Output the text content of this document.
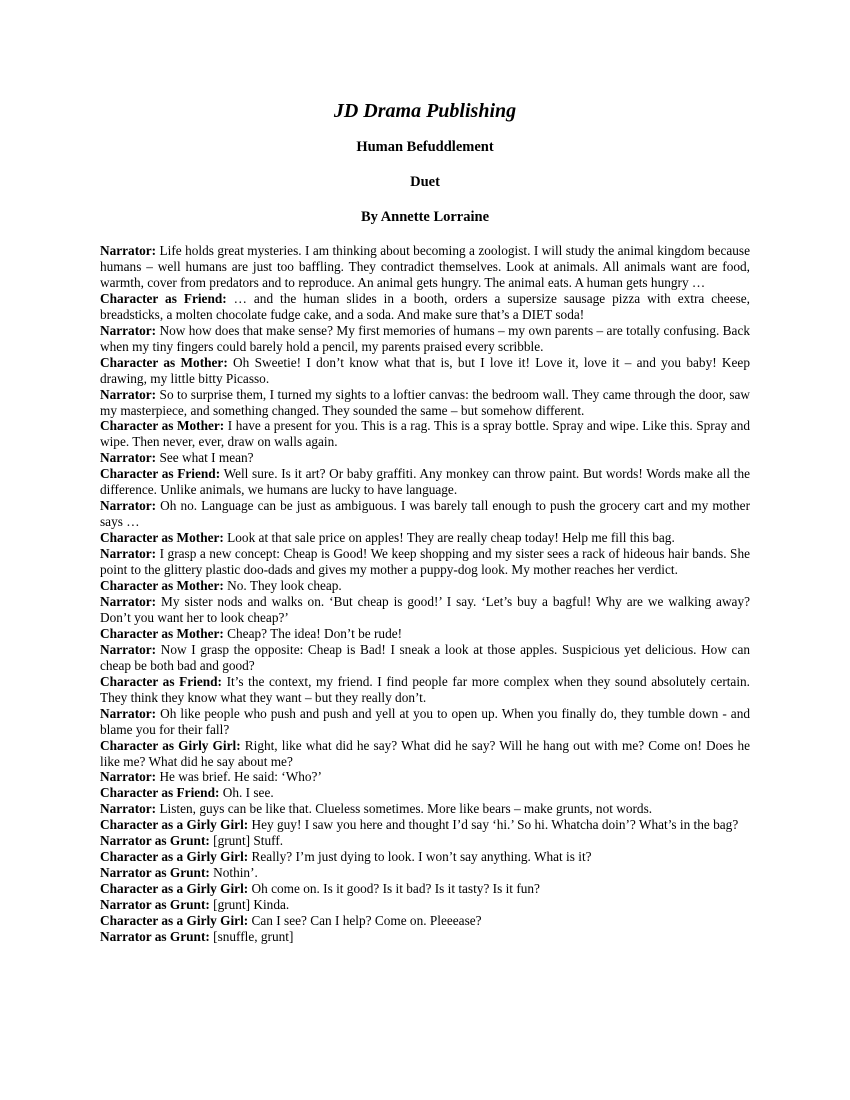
JD Drama Publishing
Human Befuddlement
Duet
By Annette Lorraine

Narrator: Life holds great mysteries. I am thinking about becoming a zoologist. I will study the animal kingdom because humans – well humans are just too baffling. They contradict themselves. Look at animals. All animals want are food, warmth, cover from predators and to reproduce. An animal gets hungry. The animal eats. A human gets hungry …

Character as Friend: … and the human slides in a booth, orders a supersize sausage pizza with extra cheese, breadsticks, a molten chocolate fudge cake, and a soda. And make sure that’s a DIET soda!

Narrator: Now how does that make sense? My first memories of humans – my own parents – are totally confusing. Back when my tiny fingers could barely hold a pencil, my parents praised every scribble.

Character as Mother: Oh Sweetie! I don’t know what that is, but I love it! Love it, love it – and you baby! Keep drawing, my little bitty Picasso.

Narrator: So to surprise them, I turned my sights to a loftier canvas: the bedroom wall. They came through the door, saw my masterpiece, and something changed. They sounded the same – but somehow different.

Character as Mother: I have a present for you. This is a rag. This is a spray bottle. Spray and wipe. Like this. Spray and wipe. Then never, ever, draw on walls again.

Narrator: See what I mean?

Character as Friend: Well sure. Is it art? Or baby graffiti. Any monkey can throw paint. But words! Words make all the difference. Unlike animals, we humans are lucky to have language.

Narrator: Oh no. Language can be just as ambiguous. I was barely tall enough to push the grocery cart and my mother says …

Character as Mother: Look at that sale price on apples! They are really cheap today! Help me fill this bag.

Narrator: I grasp a new concept: Cheap is Good! We keep shopping and my sister sees a rack of hideous hair bands. She point to the glittery plastic doo-dads and gives my mother a puppy-dog look. My mother reaches her verdict.

Character as Mother: No. They look cheap.

Narrator: My sister nods and walks on. ‘But cheap is good!’ I say. ‘Let’s buy a bagful! Why are we walking away? Don’t you want her to look cheap?’

Character as Mother: Cheap? The idea! Don’t be rude!

Narrator: Now I grasp the opposite: Cheap is Bad! I sneak a look at those apples. Suspicious yet delicious. How can cheap be both bad and good?

Character as Friend: It’s the context, my friend. I find people far more complex when they sound absolutely certain. They think they know what they want – but they really don’t.

Narrator: Oh like people who push and push and yell at you to open up. When you finally do, they tumble down - and blame you for their fall?

Character as Girly Girl: Right, like what did he say? What did he say? Will he hang out with me? Come on! Does he like me? What did he say about me?

Narrator: He was brief. He said: ‘Who?’

Character as Friend: Oh. I see.

Narrator: Listen, guys can be like that. Clueless sometimes. More like bears – make grunts, not words.

Character as a Girly Girl: Hey guy! I saw you here and thought I’d say ‘hi.’ So hi. Whatcha doin’? What’s in the bag?

Narrator as Grunt: [grunt] Stuff.

Character as a Girly Girl: Really? I’m just dying to look. I won’t say anything. What is it?

Narrator as Grunt: Nothin’.

Character as a Girly Girl: Oh come on. Is it good? Is it bad? Is it tasty? Is it fun?

Narrator as Grunt: [grunt] Kinda.

Character as a Girly Girl: Can I see? Can I help? Come on. Pleeease?

Narrator as Grunt: [snuffle, grunt]
